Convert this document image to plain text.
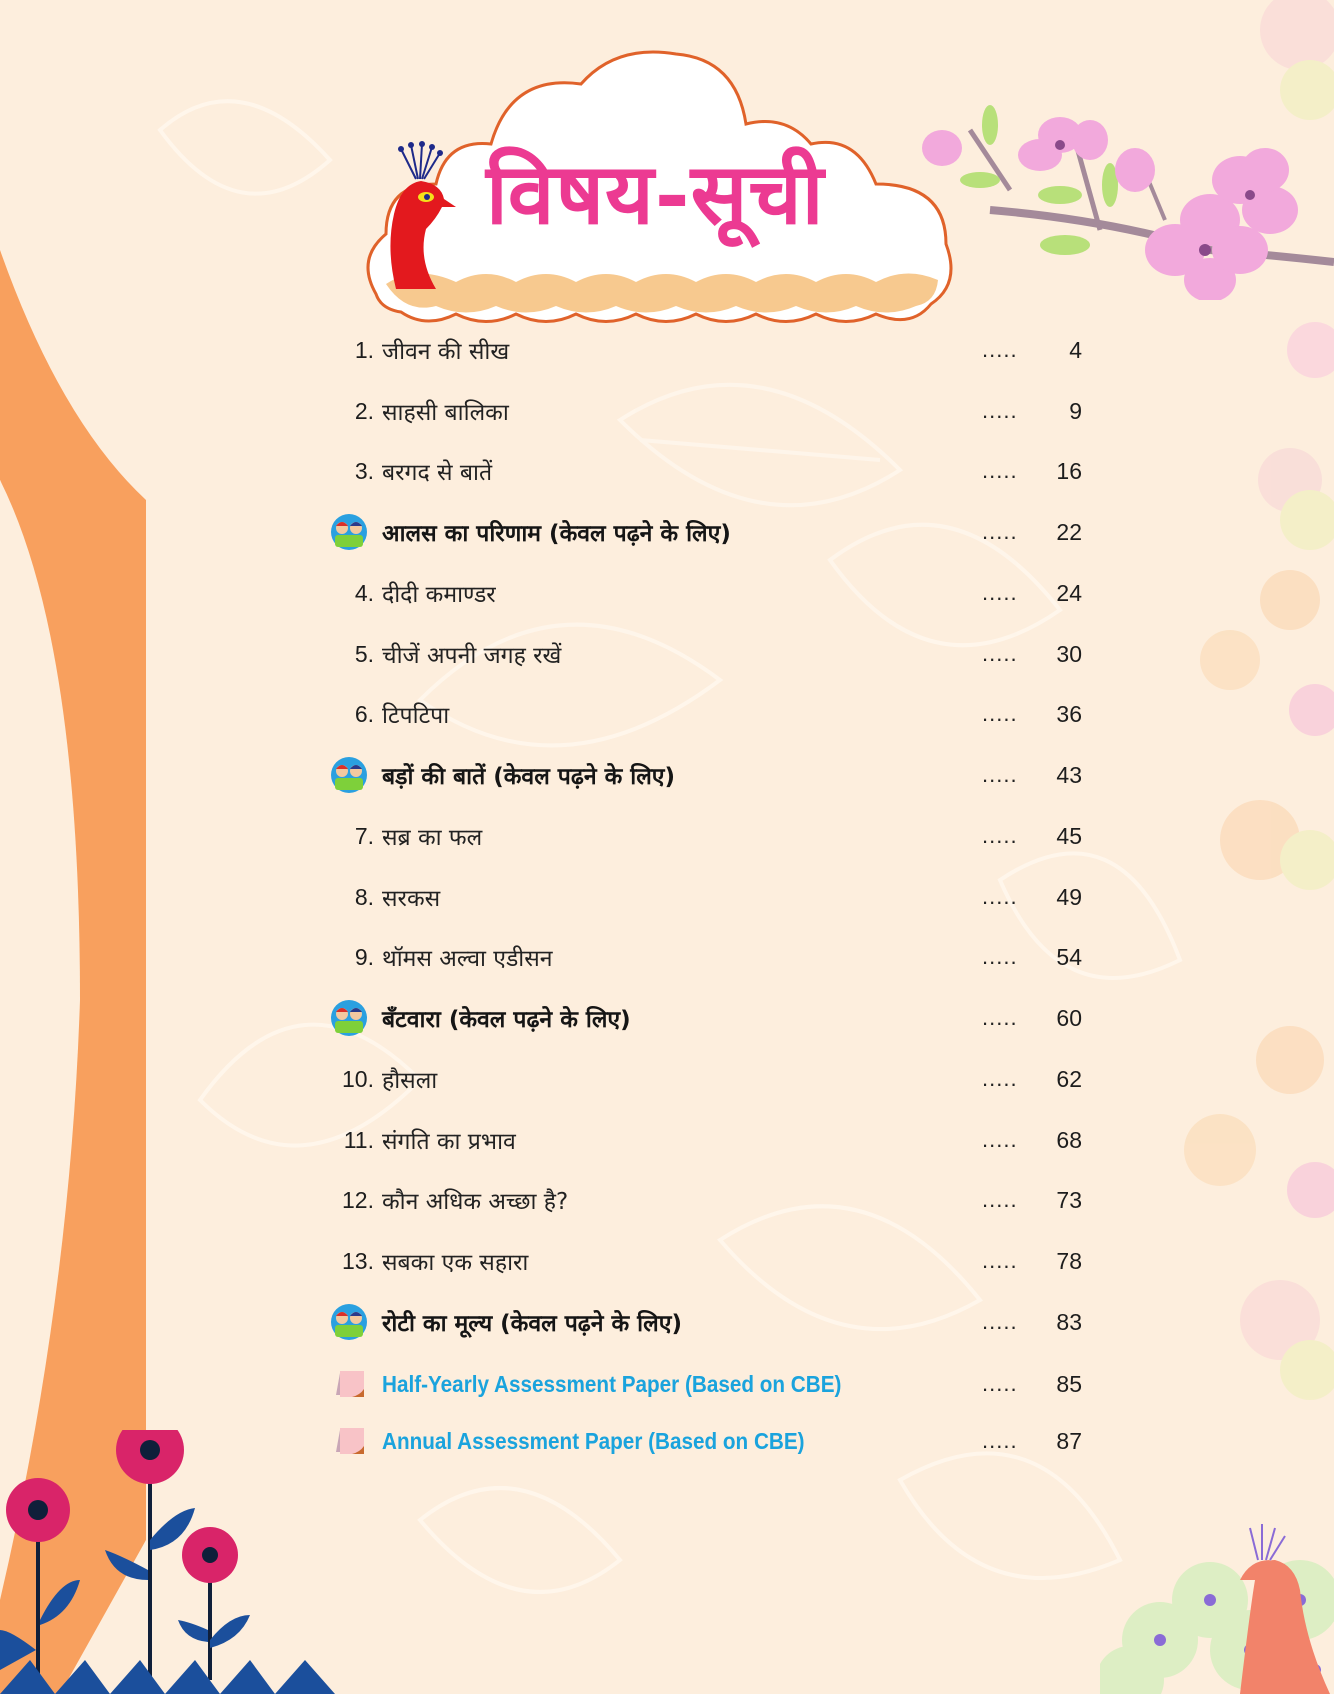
विषय-सूची
1. जीवन की सीख	.....	4
2. साहसी बालिका	.....	9
3. बरगद से बातें	.....	16
आलस का परिणाम (केवल पढ़ने के लिए)	.....	22
4. दीदी कमाण्डर	.....	24
5. चीजें अपनी जगह रखें	.....	30
6. टिपटिपा	.....	36
बड़ों की बातें (केवल पढ़ने के लिए)	.....	43
7. सब्र का फल	.....	45
8. सरकस	.....	49
9. थॉमस अल्वा एडीसन	.....	54
बँटवारा (केवल पढ़ने के लिए)	.....	60
10. हौसला	.....	62
11. संगति का प्रभाव	.....	68
12. कौन अधिक अच्छा है?	.....	73
13. सबका एक सहारा	.....	78
रोटी का मूल्य (केवल पढ़ने के लिए)	.....	83
Half-Yearly Assessment Paper (Based on CBE)	.....	85
Annual Assessment Paper (Based on CBE)	.....	87
